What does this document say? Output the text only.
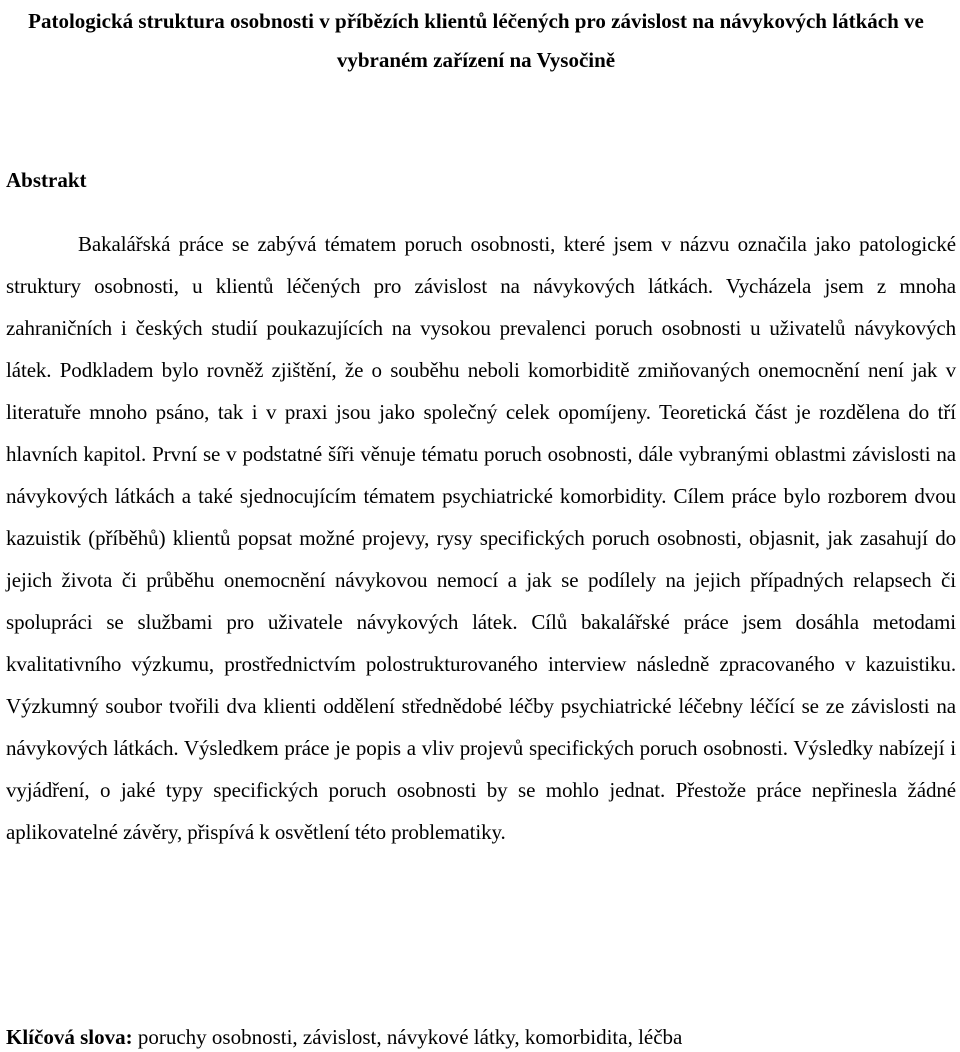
Patologická struktura osobnosti v příbězích klientů léčených pro závislost na návykových látkách ve vybraném zařízení na Vysočině
Abstrakt

Bakalářská práce se zabývá tématem poruch osobnosti, které jsem v názvu označila jako patologické struktury osobnosti, u klientů léčených pro závislost na návykových látkách. Vycházela jsem z mnoha zahraničních i českých studií poukazujících na vysokou prevalenci poruch osobnosti u uživatelů návykových látek. Podkladem bylo rovněž zjištění, že o souběhu neboli komorbiditě zmiňovaných onemocnění není jak v literatuře mnoho psáno, tak i v praxi jsou jako společný celek opomíjeny. Teoretická část je rozdělena do tří hlavních kapitol. První se v podstatné šíři věnuje tématu poruch osobnosti, dále vybranými oblastmi závislosti na návykových látkách a také sjednocujícím tématem psychiatrické komorbidity. Cílem práce bylo rozborem dvou kazuistik (příběhů) klientů popsat možné projevy, rysy specifických poruch osobnosti, objasnit, jak zasahují do jejich života či průběhu onemocnění návykovou nemocí a jak se podílely na jejich případných relapsech či spolupráci se službami pro uživatele návykových látek. Cílů bakalářské práce jsem dosáhla metodami kvalitativního výzkumu, prostřednictvím polostrukturovaného interview následně zpracovaného v kazuistiku. Výzkumný soubor tvořili dva klienti oddělení střednědobé léčby psychiatrické léčebny léčící se ze závislosti na návykových látkách. Výsledkem práce je popis a vliv projevů specifických poruch osobnosti. Výsledky nabízejí i vyjádření, o jaké typy specifických poruch osobnosti by se mohlo jednat. Přestože práce nepřinesla žádné aplikovatelné závěry, přispívá k osvětlení této problematiky.

Klíčová slova: poruchy osobnosti, závislost, návykové látky, komorbidita, léčba
